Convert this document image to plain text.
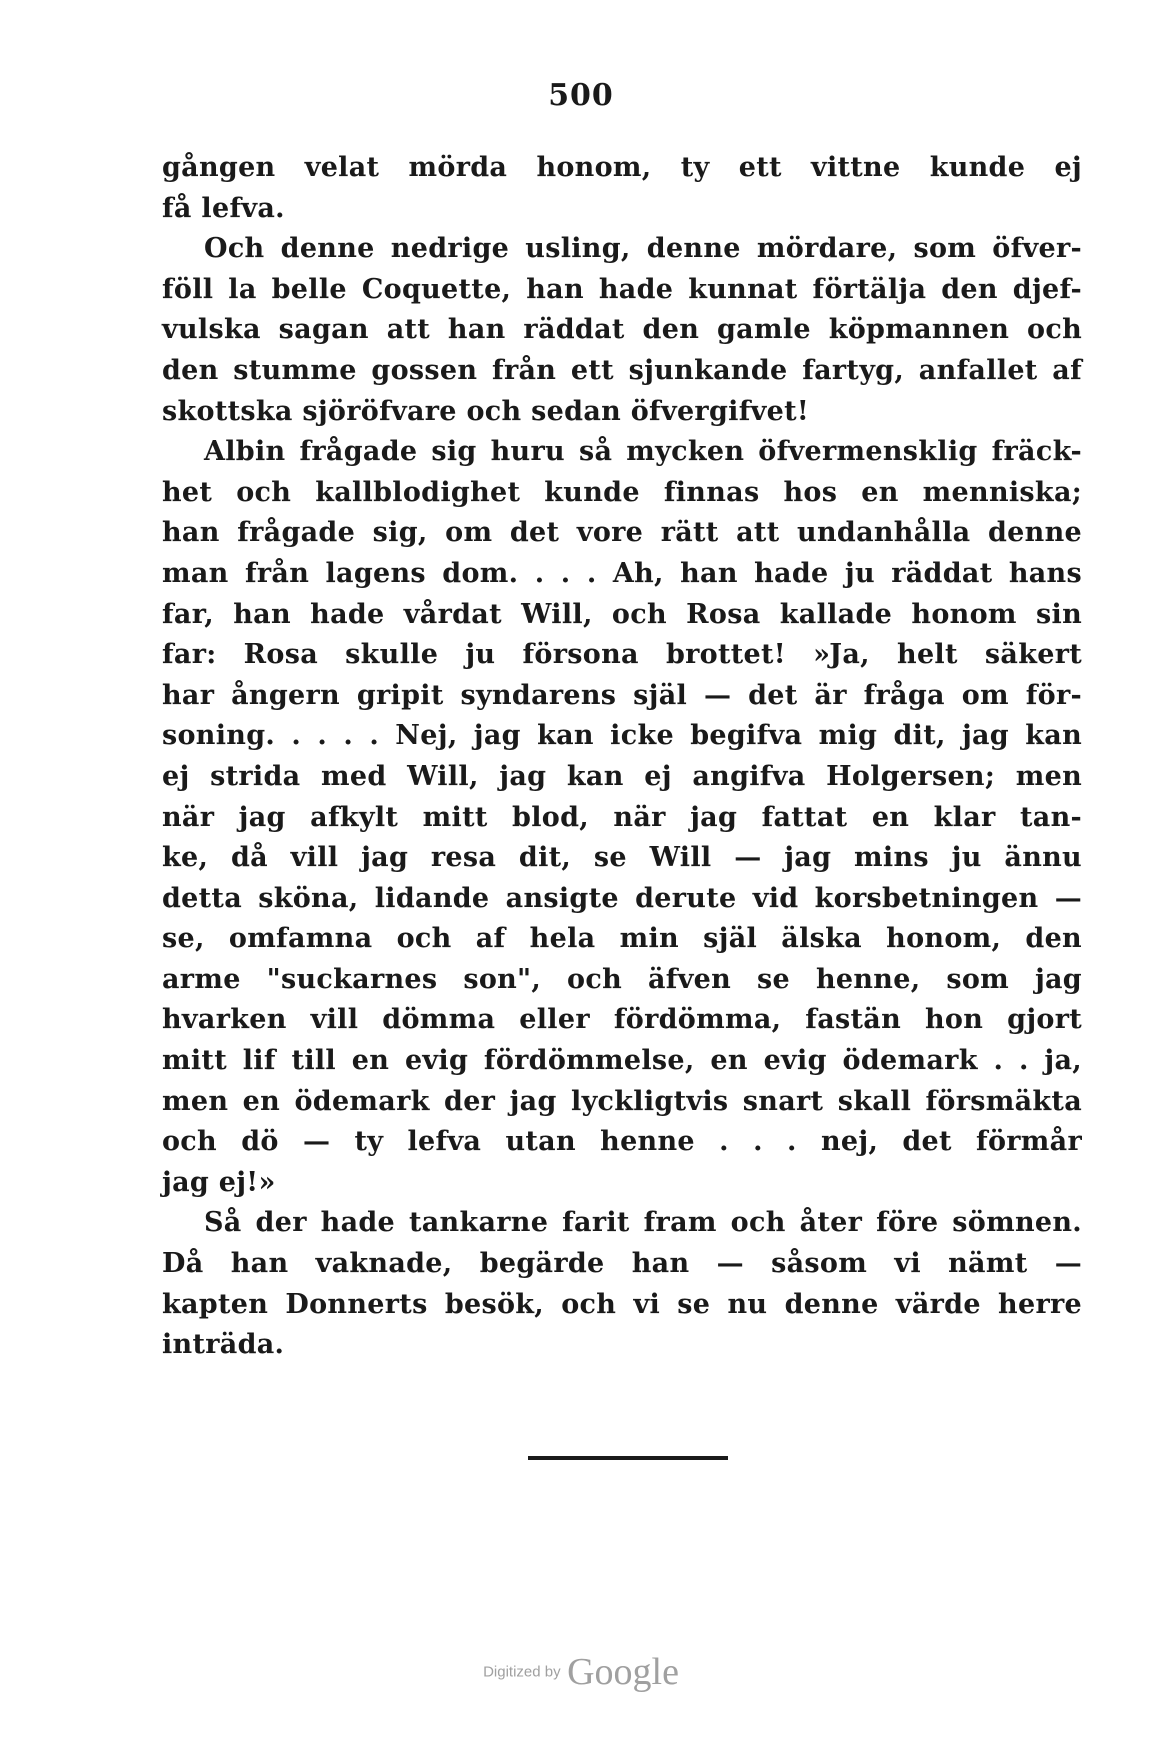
500
gången velat mörda honom, ty ett vittne kunde ej
få lefva.
Och denne nedrige usling, denne mördare, som öfver-
föll la belle Coquette, han hade kunnat förtälja den djef-
vulska sagan att han räddat den gamle köpmannen och
den stumme gossen från ett sjunkande fartyg, anfallet af
skottska sjöröfvare och sedan öfvergifvet!
Albin frågade sig huru så mycken öfvermensklig fräck-
het och kallblodighet kunde finnas hos en menniska;
han frågade sig, om det vore rätt att undanhålla denne
man från lagens dom. . . . Ah, han hade ju räddat hans
far, han hade vårdat Will, och Rosa kallade honom sin
far: Rosa skulle ju försona brottet! »Ja, helt säkert
har ångern gripit syndarens själ — det är fråga om för-
soning. . . . . Nej, jag kan icke begifva mig dit, jag kan
ej strida med Will, jag kan ej angifva Holgersen; men
när jag afkylt mitt blod, när jag fattat en klar tan-
ke, då vill jag resa dit, se Will — jag mins ju ännu
detta sköna, lidande ansigte derute vid korsbetningen —
se, omfamna och af hela min själ älska honom, den
arme "suckarnes son", och äfven se henne, som jag
hvarken vill dömma eller fördömma, fastän hon gjort
mitt lif till en evig fördömmelse, en evig ödemark . . ja,
men en ödemark der jag lyckligtvis snart skall försmäkta
och dö — ty lefva utan henne . . . nej, det förmår
jag ej!»
Så der hade tankarne farit fram och åter före sömnen.
Då han vaknade, begärde han — såsom vi nämt —
kapten Donnerts besök, och vi se nu denne värde herre
inträda.
Digitized by Google
